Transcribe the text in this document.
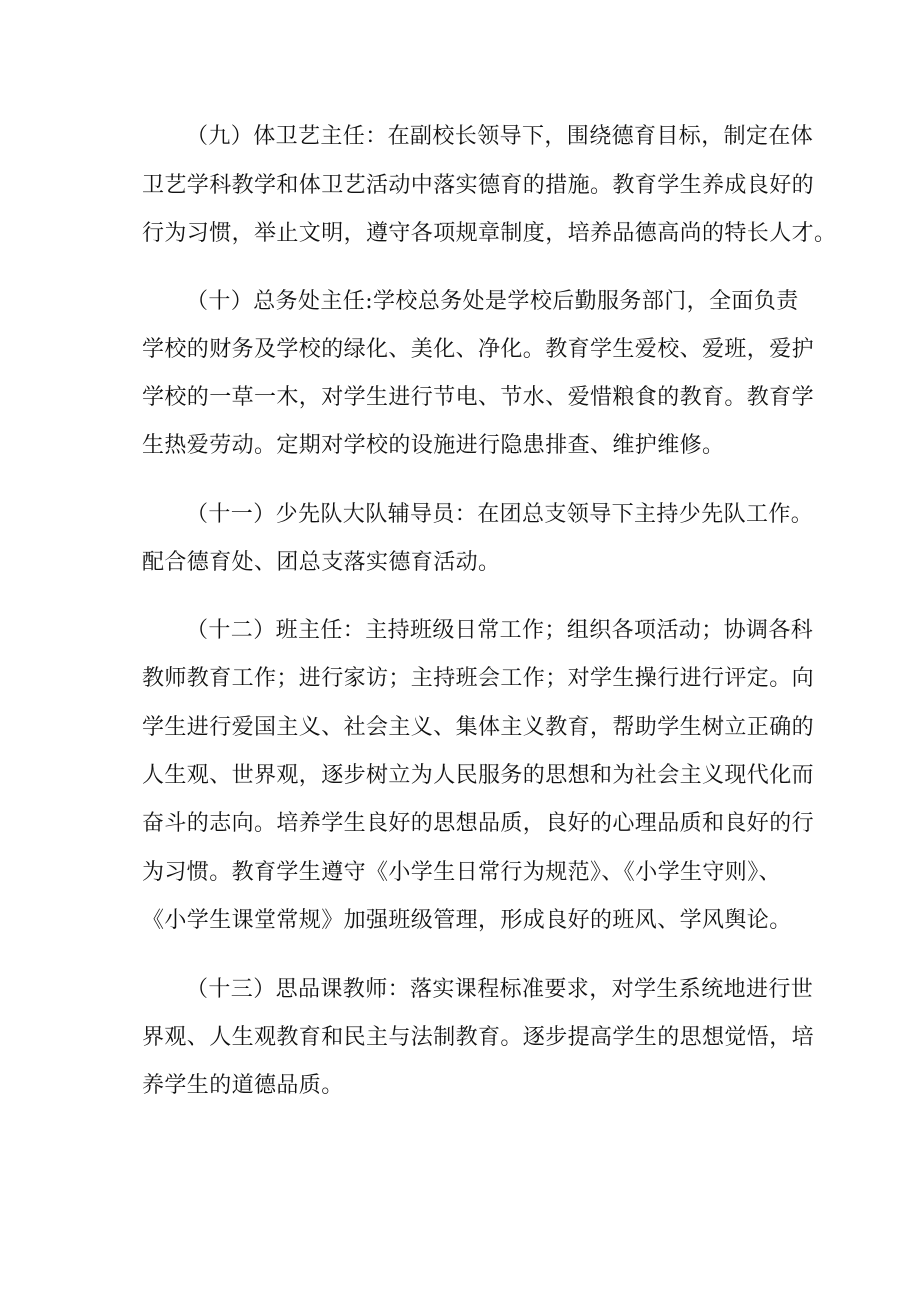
（九）体卫艺主任：在副校长领导下，围绕德育目标，制定在体
卫艺学科教学和体卫艺活动中落实德育的措施。教育学生养成良好的
行为习惯，举止文明，遵守各项规章制度，培养品德高尚的特长人才。
（十）总务处主任:学校总务处是学校后勤服务部门，全面负责
学校的财务及学校的绿化、美化、净化。教育学生爱校、爱班，爱护
学校的一草一木，对学生进行节电、节水、爱惜粮食的教育。教育学
生热爱劳动。定期对学校的设施进行隐患排查、维护维修。
（十一）少先队大队辅导员：在团总支领导下主持少先队工作。
配合德育处、团总支落实德育活动。
（十二）班主任：主持班级日常工作；组织各项活动；协调各科
教师教育工作；进行家访；主持班会工作；对学生操行进行评定。向
学生进行爱国主义、社会主义、集体主义教育，帮助学生树立正确的
人生观、世界观，逐步树立为人民服务的思想和为社会主义现代化而
奋斗的志向。培养学生良好的思想品质，良好的心理品质和良好的行
为习惯。教育学生遵守《小学生日常行为规范》、《小学生守则》、
《小学生课堂常规》加强班级管理，形成良好的班风、学风舆论。
（十三）思品课教师：落实课程标准要求，对学生系统地进行世
界观、人生观教育和民主与法制教育。逐步提高学生的思想觉悟，培
养学生的道德品质。
